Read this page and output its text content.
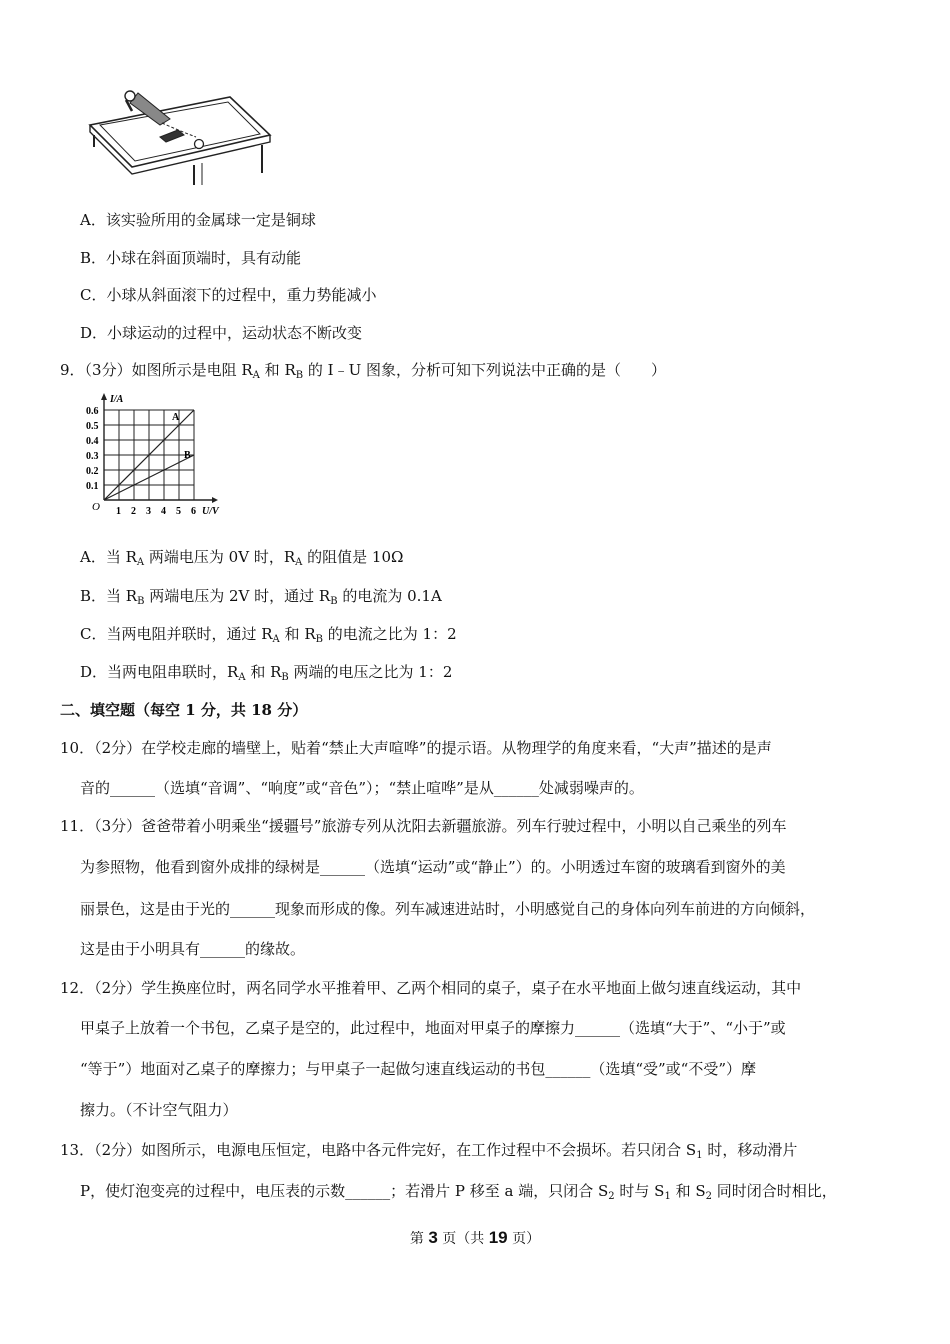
A．该实验所用的金属球一定是铜球
B．小球在斜面顶端时，具有动能
C．小球从斜面滚下的过程中，重力势能减小
D．小球运动的过程中，运动状态不断改变
9．（3分）如图所示是电阻 $R_A$ 和 $R_B$ 的 I﹣U 图象，分析可知下列说法中正确的是（　　）
I/A
U/V
O
0.6
0.5
0.4
0.3
0.2
0.1
1 2 3 4 5 6
A
B
A．当 $R_A$ 两端电压为 0V 时，$R_A$ 的阻值是 10Ω
B．当 $R_B$ 两端电压为 2V 时，通过 $R_B$ 的电流为 0.1A
C．当两电阻并联时，通过 $R_A$ 和 $R_B$ 的电流之比为 1：2
D．当两电阻串联时，$R_A$ 和 $R_B$ 两端的电压之比为 1：2
二、填空题（每空 1 分，共 18 分）
10．（2分）在学校走廊的墙壁上，贴着“禁止大声喧哗”的提示语。从物理学的角度来看，“大声”描述的是声
音的______（选填“音调”、“响度”或“音色”）；“禁止喧哗”是从______处减弱噪声的。
11．（3分）爸爸带着小明乘坐“援疆号”旅游专列从沈阳去新疆旅游。列车行驶过程中，小明以自己乘坐的列车
为参照物，他看到窗外成排的绿树是______（选填“运动”或“静止”）的。小明透过车窗的玻璃看到窗外的美
丽景色，这是由于光的______现象而形成的像。列车减速进站时，小明感觉自己的身体向列车前进的方向倾斜，
这是由于小明具有______的缘故。
12．（2分）学生换座位时，两名同学水平推着甲、乙两个相同的桌子，桌子在水平地面上做匀速直线运动，其中
甲桌子上放着一个书包，乙桌子是空的，此过程中，地面对甲桌子的摩擦力______（选填“大于”、“小于”或
“等于”）地面对乙桌子的摩擦力；与甲桌子一起做匀速直线运动的书包______（选填“受”或“不受”）摩
擦力。（不计空气阻力）
13．（2分）如图所示，电源电压恒定，电路中各元件完好，在工作过程中不会损坏。若只闭合 $S_1$ 时，移动滑片
P，使灯泡变亮的过程中，电压表的示数______；若滑片 P 移至 a 端，只闭合 $S_2$ 时与 $S_1$ 和 $S_2$ 同时闭合时相比，
第 3 页（共 19 页）
